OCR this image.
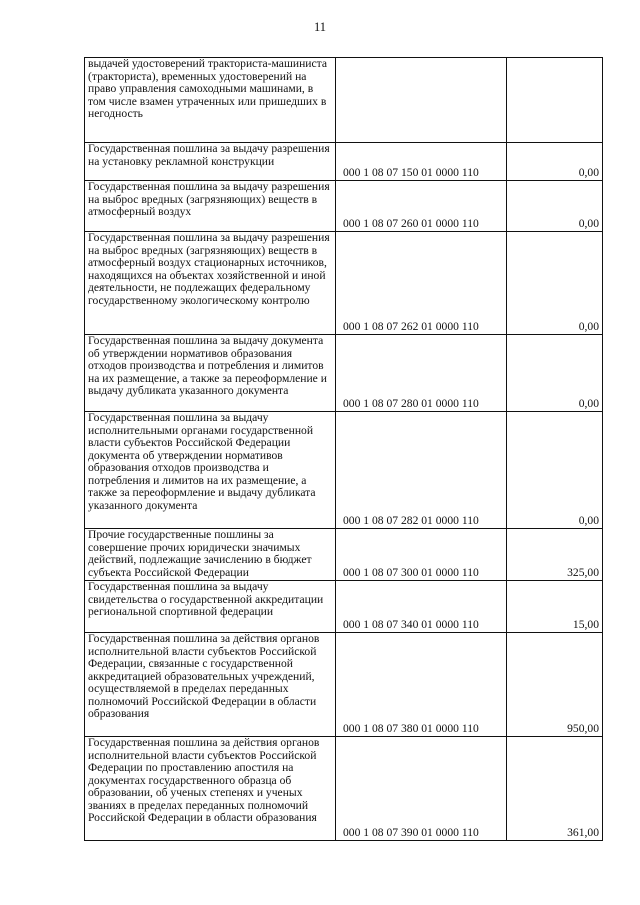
11
выдачей удостоверений тракториста-машиниста (тракториста), временных удостоверений на право управления самоходными машинами, в том числе взамен утраченных или пришедших в негодность		

Государственная пошлина за выдачу разрешения на установку рекламной конструкции	000 1 08 07 150 01 0000 110	0,00

Государственная пошлина за выдачу разрешения на выброс вредных (загрязняющих) веществ в атмосферный воздух	000 1 08 07 260 01 0000 110	0,00

Государственная пошлина за выдачу разрешения на выброс вредных (загрязняющих) веществ в атмосферный воздух стационарных источников, находящихся на объектах хозяйственной и иной деятельности, не подлежащих федеральному государственному экологическому контролю	000 1 08 07 262 01 0000 110	0,00

Государственная пошлина за выдачу документа об утверждении нормативов образования отходов производства и потребления и лимитов на их размещение, а также за переоформление и выдачу дубликата указанного документа	000 1 08 07 280 01 0000 110	0,00

Государственная пошлина за выдачу исполнительными органами государственной власти субъектов Российской Федерации документа об утверждении нормативов образования отходов производства и потребления и лимитов на их размещение, а также за переоформление и выдачу дубликата указанного документа	000 1 08 07 282 01 0000 110	0,00

Прочие государственные пошлины за совершение прочих юридически значимых действий, подлежащие зачислению в бюджет субъекта Российской Федерации	000 1 08 07 300 01 0000 110	325,00

Государственная пошлина за выдачу свидетельства о государственной аккредитации региональной спортивной федерации	000 1 08 07 340 01 0000 110	15,00

Государственная пошлина за действия органов исполнительной власти субъектов Российской Федерации, связанные с государственной аккредитацией образовательных учреждений, осуществляемой в пределах переданных полномочий Российской Федерации в области образования	000 1 08 07 380 01 0000 110	950,00

Государственная пошлина за действия органов исполнительной власти субъектов Российской Федерации по проставлению апостиля на документах государственного образца об образовании, об ученых степенях и ученых званиях в пределах переданных полномочий Российской Федерации в области образования	000 1 08 07 390 01 0000 110	361,00
